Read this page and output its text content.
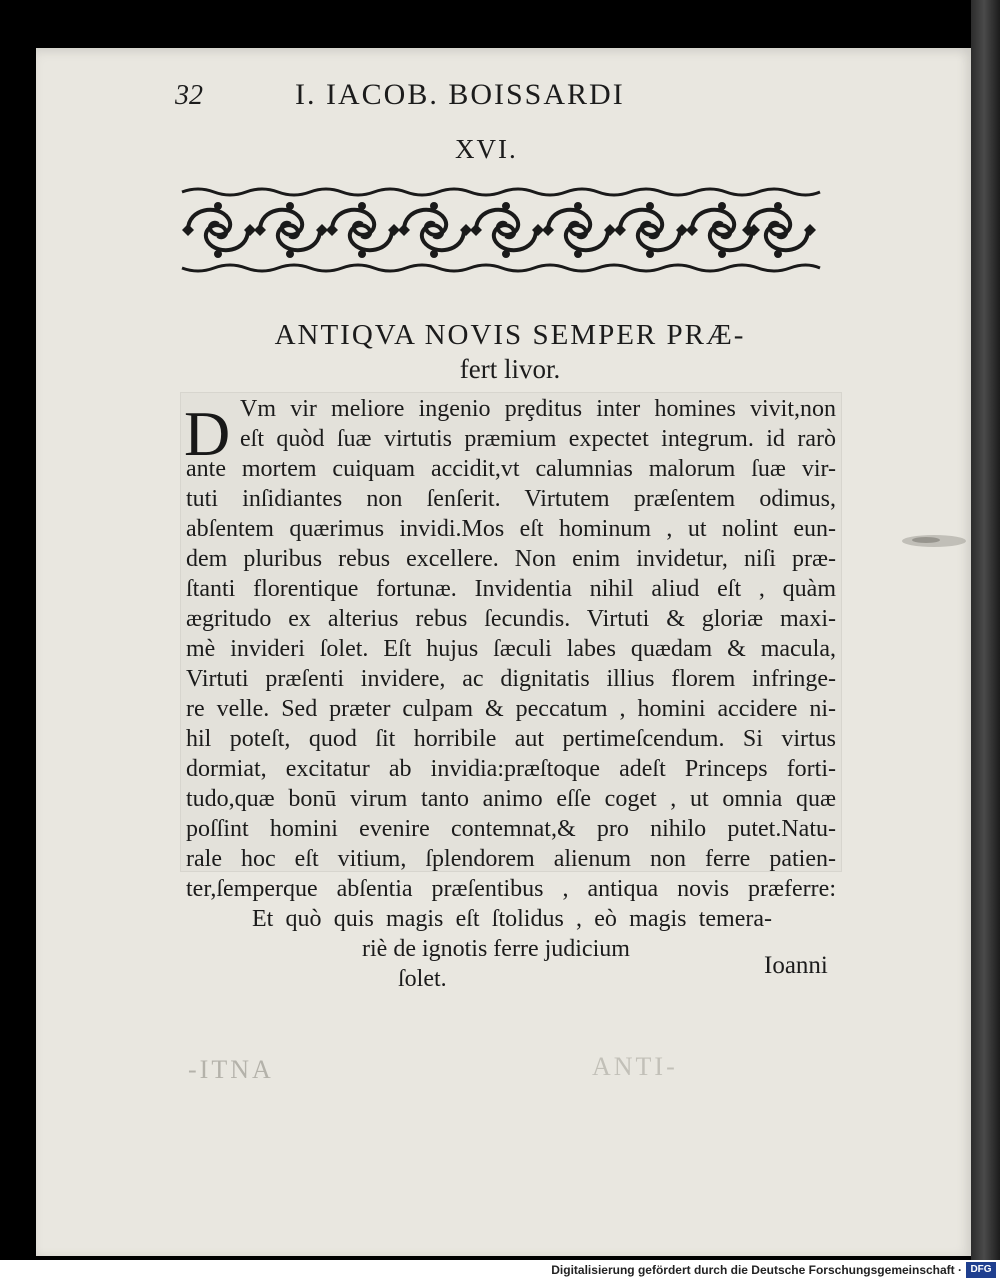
32	I. IACOB. BOISSARDI
XVI.
ANTIQVA NOVIS SEMPER PRÆ-
fert livor.
D Vm vir meliore ingenio prȩditus inter homines vivit,non
eſt quòd ſuæ virtutis præmium expectet integrum. id rarò
ante mortem cuiquam accidit,vt calumnias malorum ſuæ vir-
tuti inſidiantes non ſenſerit. Virtutem præſentem odimus,
abſentem quærimus invidi.Mos eſt hominum , ut nolint eun-
dem pluribus rebus excellere. Non enim invidetur, niſi præ-
ſtanti florentique fortunæ. Invidentia nihil aliud eſt , quàm
ægritudo ex alterius rebus ſecundis. Virtuti & gloriæ maxi-
mè invideri ſolet. Eſt hujus ſæculi labes quædam & macula,
Virtuti præſenti invidere, ac dignitatis illius florem infringe-
re velle. Sed præter culpam & peccatum , homini accidere ni-
hil poteſt, quod ſit horribile aut pertimeſcendum. Si virtus
dormiat, excitatur ab invidia:præſtoque adeſt Princeps forti-
tudo,quæ bonū virum tanto animo eſſe coget , ut omnia quæ
poſſint homini evenire contemnat,& pro nihilo putet.Natu-
rale hoc eſt vitium, ſplendorem alienum non ferre patien-
ter,ſemperque abſentia præſentibus , antiqua novis præferre:
Et quò quis magis eſt ſtolidus , eò magis temera-
riè de ignotis ferre judicium
ſolet.	Ioanni
-ITNA	ANTI-
Digitalisierung gefördert durch die Deutsche Forschungsgemeinschaft · DFG
